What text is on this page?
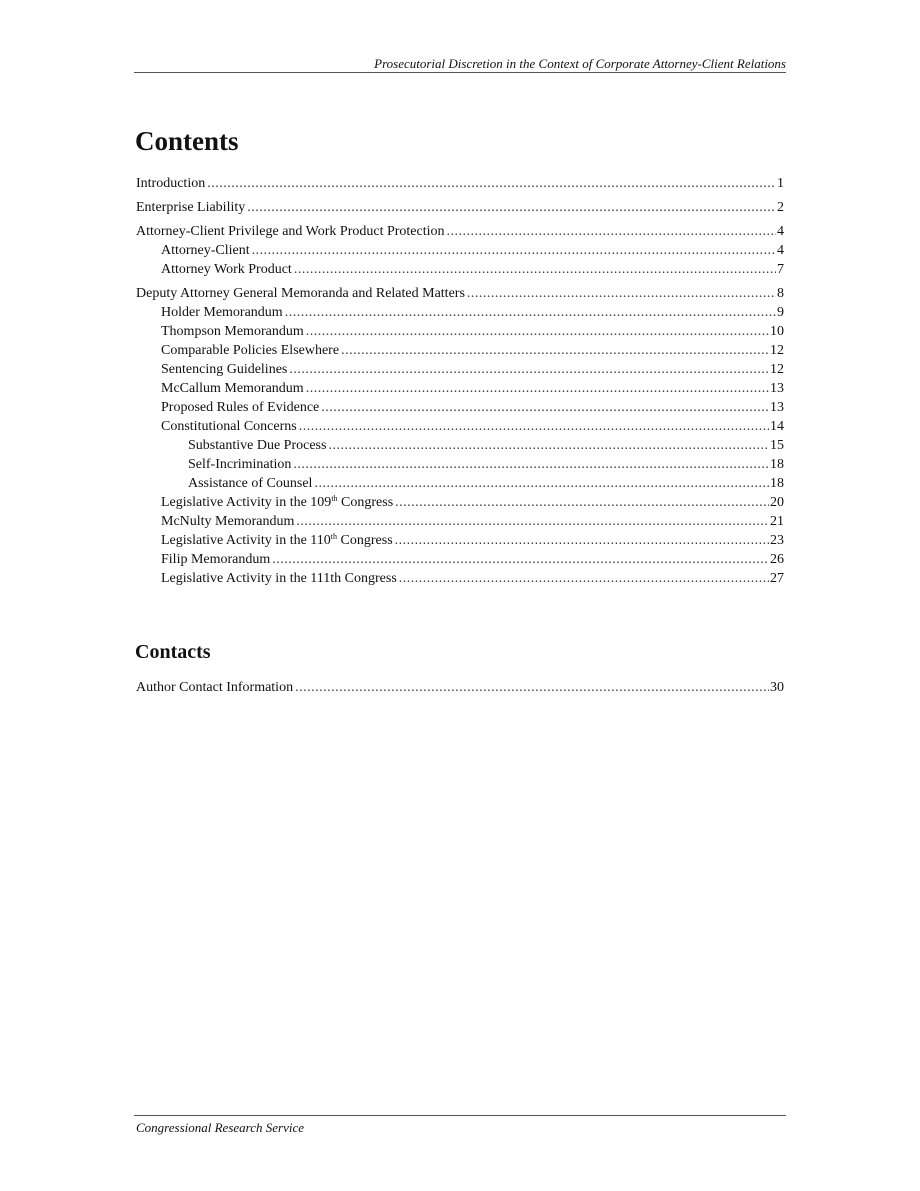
Prosecutorial Discretion in the Context of Corporate Attorney-Client Relations
Contents
Introduction .....	1
Enterprise Liability .....	2
Attorney-Client Privilege and Work Product Protection .....	4
Attorney-Client .....	4
Attorney Work Product .....	7
Deputy Attorney General Memoranda and Related Matters .....	8
Holder Memorandum .....	9
Thompson Memorandum .....	10
Comparable Policies Elsewhere .....	12
Sentencing Guidelines .....	12
McCallum Memorandum .....	13
Proposed Rules of Evidence .....	13
Constitutional Concerns .....	14
Substantive Due Process .....	15
Self-Incrimination .....	18
Assistance of Counsel .....	18
Legislative Activity in the 109th Congress .....	20
McNulty Memorandum .....	21
Legislative Activity in the 110th Congress .....	23
Filip Memorandum .....	26
Legislative Activity in the 111th Congress .....	27
Contacts
Author Contact Information .....	30
Congressional Research Service
